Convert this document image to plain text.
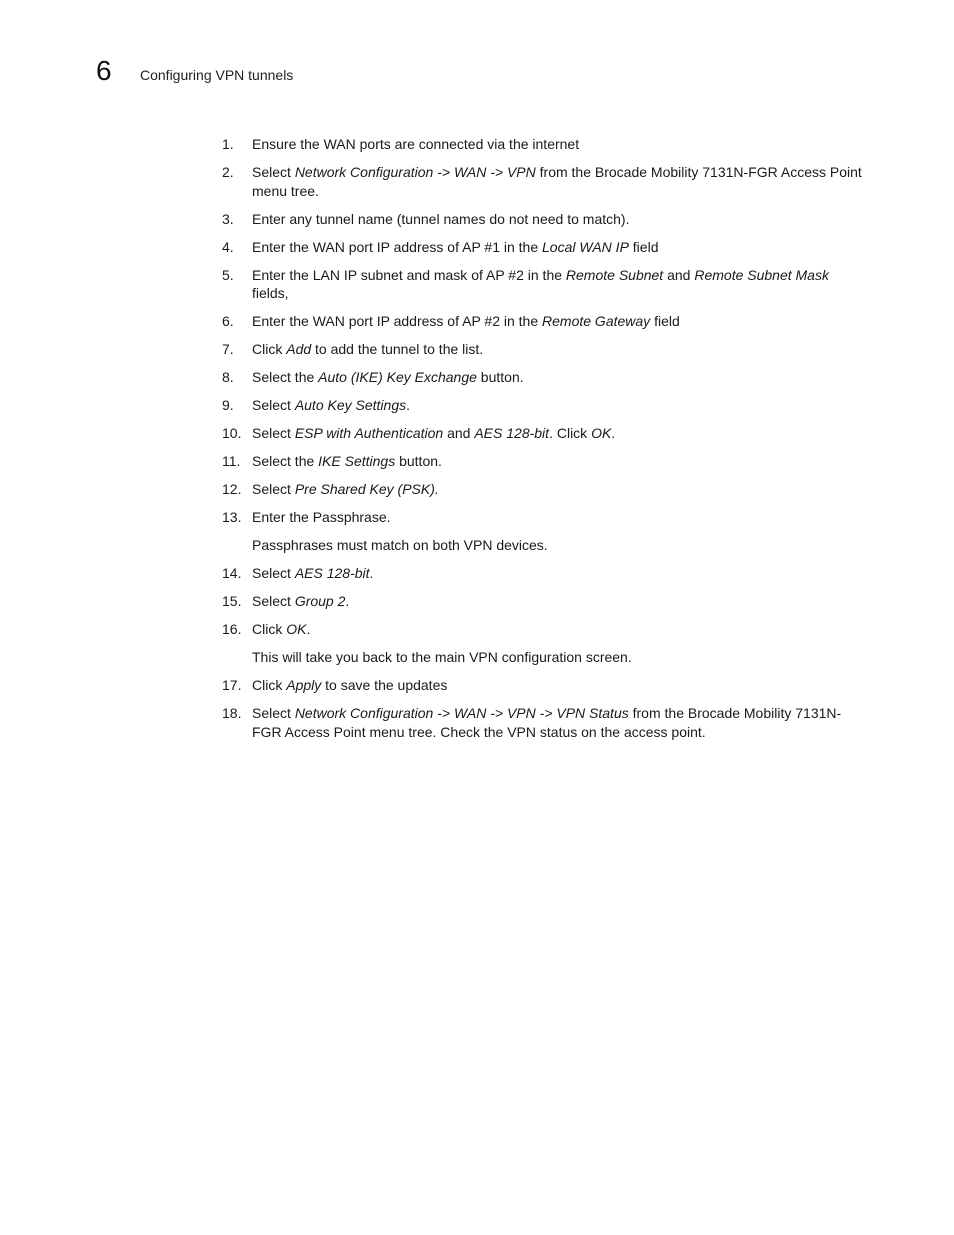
6 Configuring VPN tunnels
1.	Ensure the WAN ports are connected via the internet
2.	Select Network Configuration -> WAN -> VPN from the Brocade Mobility 7131N-FGR Access Point menu tree.
3.	Enter any tunnel name (tunnel names do not need to match).
4.	Enter the WAN port IP address of AP #1 in the Local WAN IP field
5.	Enter the LAN IP subnet and mask of AP #2 in the Remote Subnet and Remote Subnet Mask fields,
6.	Enter the WAN port IP address of AP #2 in the Remote Gateway field
7.	Click Add to add the tunnel to the list.
8.	Select the Auto (IKE) Key Exchange button.
9.	Select Auto Key Settings.
10. Select ESP with Authentication and AES 128-bit. Click OK.
11. Select the IKE Settings button.
12. Select Pre Shared Key (PSK).
13. Enter the Passphrase.
Passphrases must match on both VPN devices.
14. Select AES 128-bit.
15. Select Group 2.
16. Click OK.
This will take you back to the main VPN configuration screen.
17. Click Apply to save the updates
18. Select Network Configuration -> WAN -> VPN -> VPN Status from the Brocade Mobility 7131N-FGR Access Point menu tree. Check the VPN status on the access point.
